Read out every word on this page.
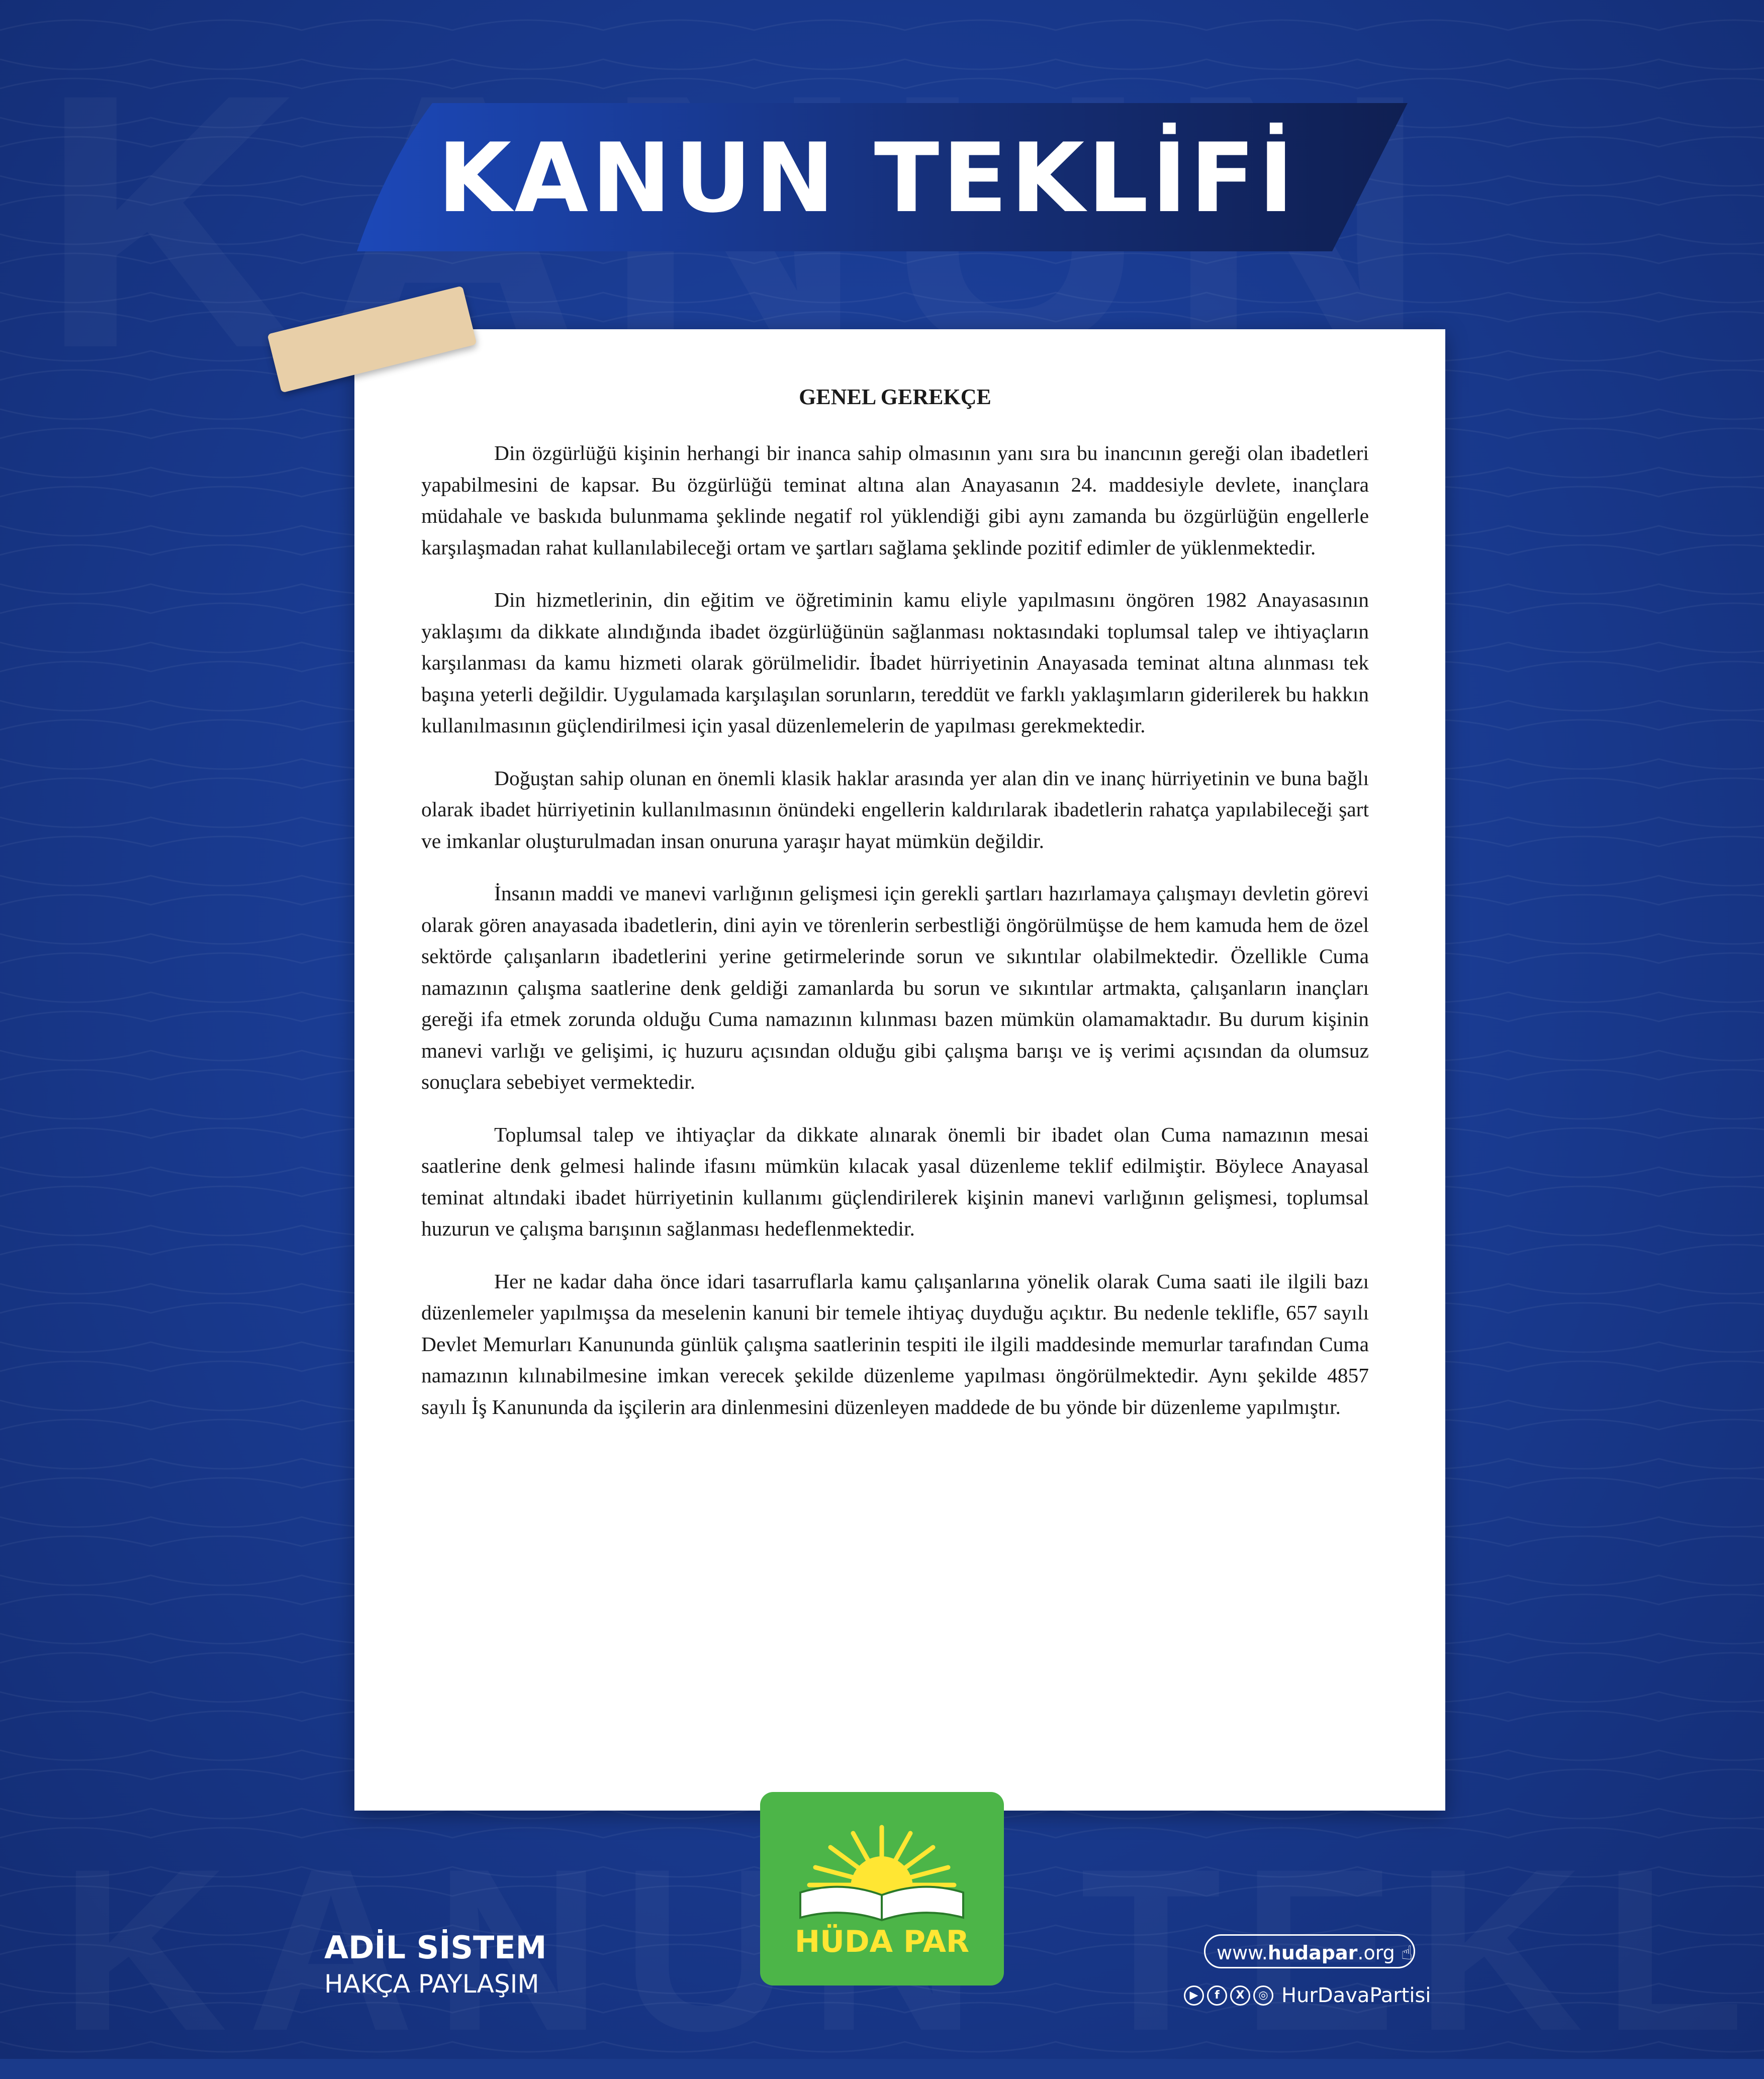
KANUN TEKLİFİ
GENEL GEREKÇE

Din özgürlüğü kişinin herhangi bir inanca sahip olmasının yanı sıra bu inancının gereği olan ibadetleri yapabilmesini de kapsar. Bu özgürlüğü teminat altına alan Anayasanın 24. maddesiyle devlete, inançlara müdahale ve baskıda bulunmama şeklinde negatif rol yüklendiği gibi aynı zamanda bu özgürlüğün engellerle karşılaşmadan rahat kullanılabileceği ortam ve şartları sağlama şeklinde pozitif edimler de yüklenmektedir.

Din hizmetlerinin, din eğitim ve öğretiminin kamu eliyle yapılmasını öngören 1982 Anayasasının yaklaşımı da dikkate alındığında ibadet özgürlüğünün sağlanması noktasındaki toplumsal talep ve ihtiyaçların karşılanması da kamu hizmeti olarak görülmelidir. İbadet hürriyetinin Anayasada teminat altına alınması tek başına yeterli değildir. Uygulamada karşılaşılan sorunların, tereddüt ve farklı yaklaşımların giderilerek bu hakkın kullanılmasının güçlendirilmesi için yasal düzenlemelerin de yapılması gerekmektedir.

Doğuştan sahip olunan en önemli klasik haklar arasında yer alan din ve inanç hürriyetinin ve buna bağlı olarak ibadet hürriyetinin kullanılmasının önündeki engellerin kaldırılarak ibadetlerin rahatça yapılabileceği şart ve imkanlar oluşturulmadan insan onuruna yaraşır hayat mümkün değildir.

İnsanın maddi ve manevi varlığının gelişmesi için gerekli şartları hazırlamaya çalışmayı devletin görevi olarak gören anayasada ibadetlerin, dini ayin ve törenlerin serbestliği öngörülmüşse de hem kamuda hem de özel sektörde çalışanların ibadetlerini yerine getirmelerinde sorun ve sıkıntılar olabilmektedir. Özellikle Cuma namazının çalışma saatlerine denk geldiği zamanlarda bu sorun ve sıkıntılar artmakta, çalışanların inançları gereği ifa etmek zorunda olduğu Cuma namazının kılınması bazen mümkün olamamaktadır. Bu durum kişinin manevi varlığı ve gelişimi, iç huzuru açısından olduğu gibi çalışma barışı ve iş verimi açısından da olumsuz sonuçlara sebebiyet vermektedir.

Toplumsal talep ve ihtiyaçlar da dikkate alınarak önemli bir ibadet olan Cuma namazının mesai saatlerine denk gelmesi halinde ifasını mümkün kılacak yasal düzenleme teklif edilmiştir. Böylece Anayasal teminat altındaki ibadet hürriyetinin kullanımı güçlendirilerek kişinin manevi varlığının gelişmesi, toplumsal huzurun ve çalışma barışının sağlanması hedeflenmektedir.

Her ne kadar daha önce idari tasarruflarla kamu çalışanlarına yönelik olarak Cuma saati ile ilgili bazı düzenlemeler yapılmışsa da meselenin kanuni bir temele ihtiyaç duyduğu açıktır. Bu nedenle teklifle, 657 sayılı Devlet Memurları Kanununda günlük çalışma saatlerinin tespiti ile ilgili maddesinde memurlar tarafından Cuma namazının kılınabilmesine imkan verecek şekilde düzenleme yapılması öngörülmektedir. Aynı şekilde 4857 sayılı İş Kanununda da işçilerin ara dinlenmesini düzenleyen maddede de bu yönde bir düzenleme yapılmıştır.

HÜDA PAR
ADİL SİSTEM
HAKÇA PAYLAŞIM
www.hudapar.org ☝
▶	f	X	◎ HurDavaPartisi
